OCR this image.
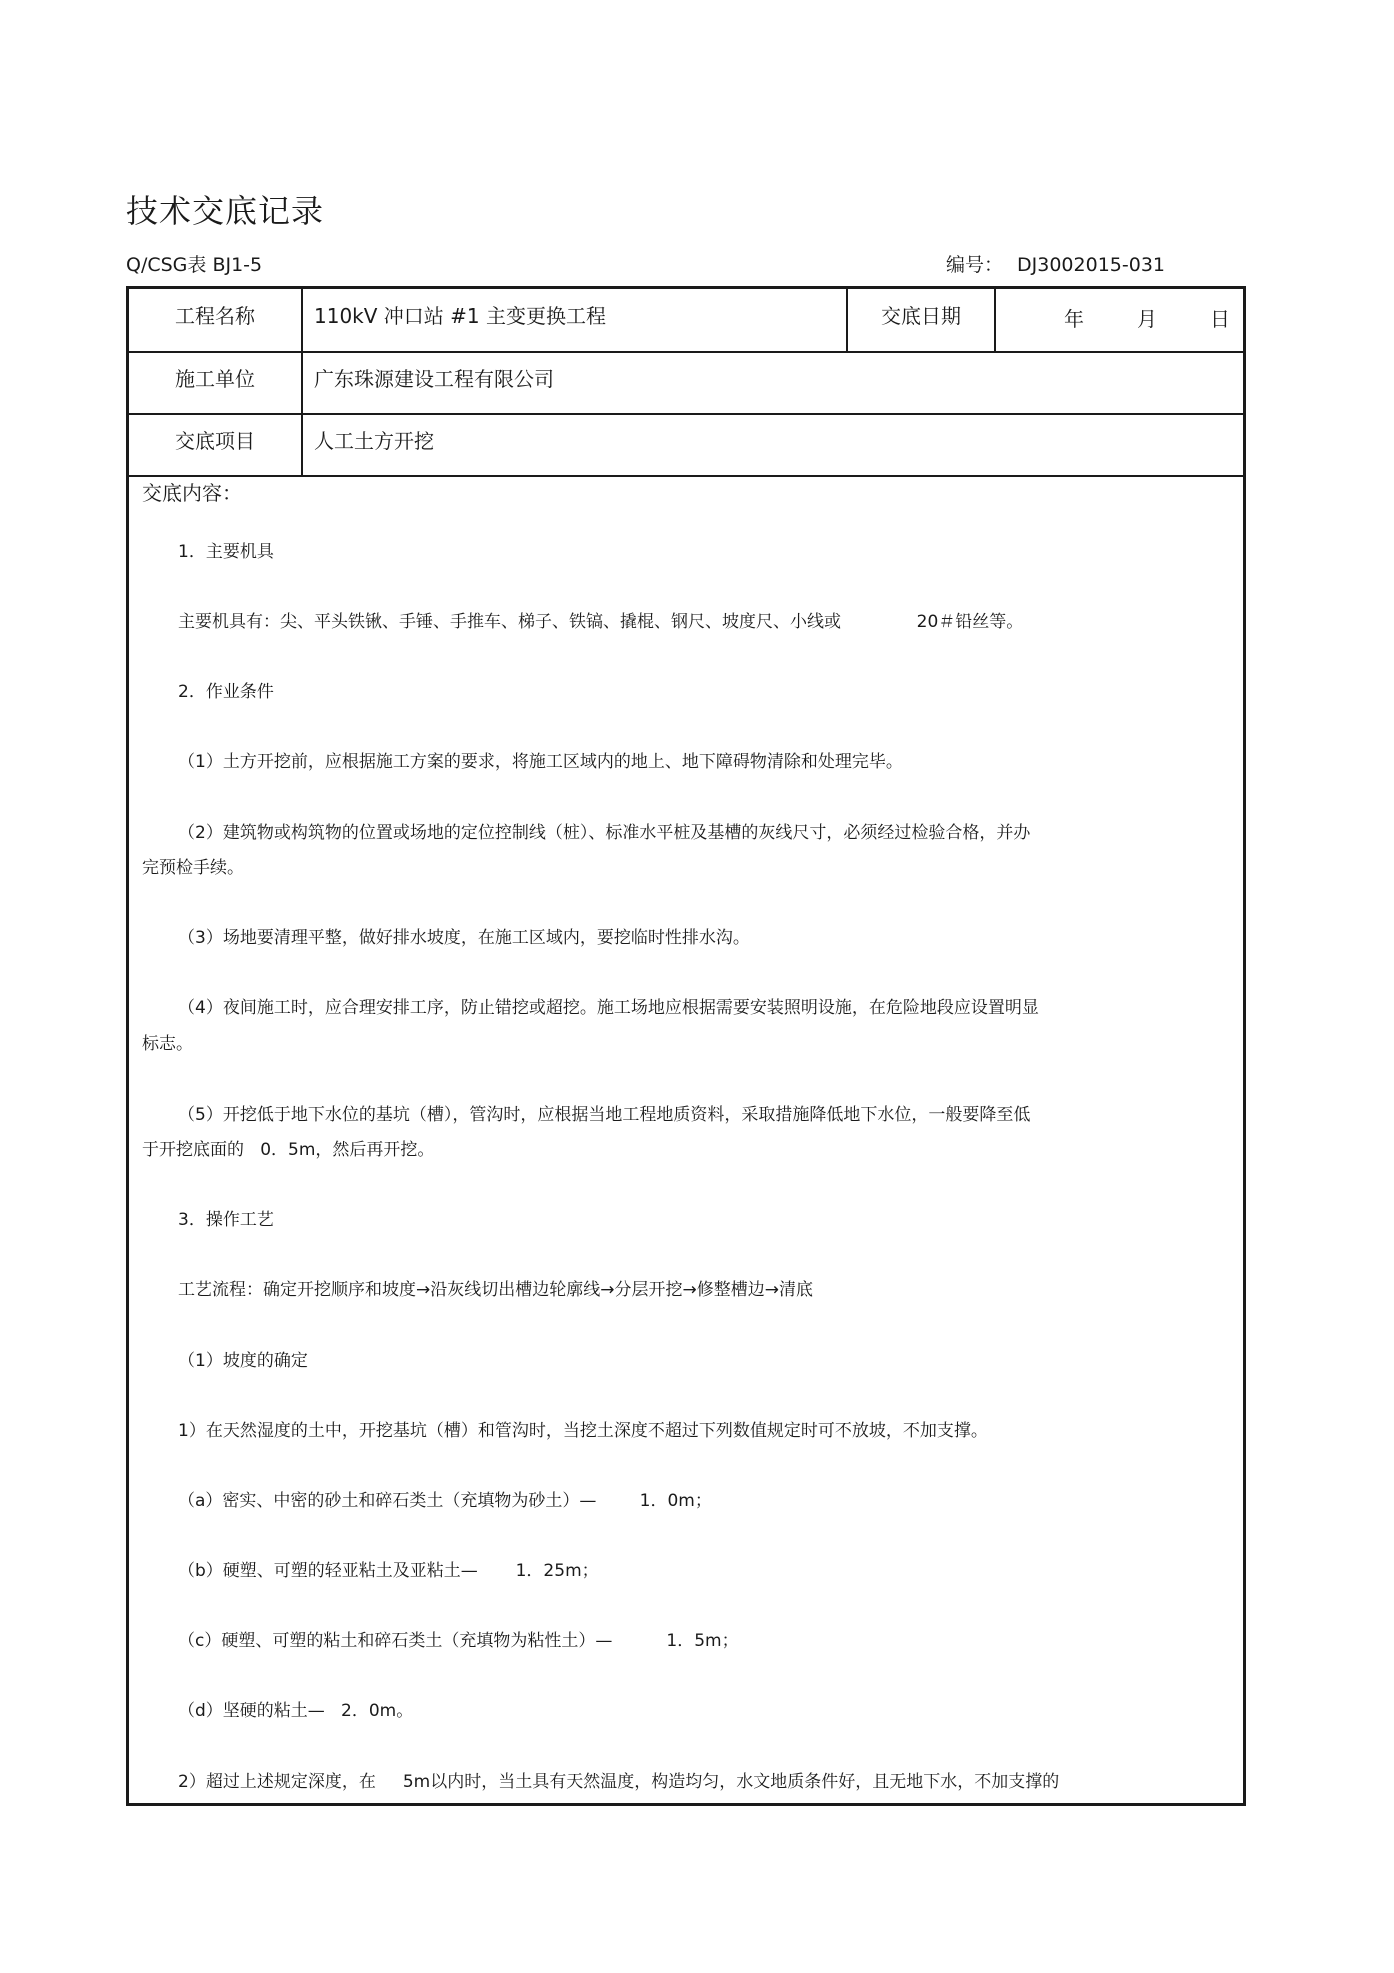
技术交底记录
Q/CSG表 BJ1-5	编号： DJ3002015-031
工程名称	110kV 冲口站 #1 主变更换工程	交底日期	年	月	日
施工单位	广东珠源建设工程有限公司
交底项目	人工土方开挖
交底内容：
1．主要机具
主要机具有：尖、平头铁锹、手锤、手推车、梯子、铁镐、撬棍、钢尺、坡度尺、小线或              20＃铅丝等。
2．作业条件
（1）土方开挖前，应根据施工方案的要求，将施工区域内的地上、地下障碍物清除和处理完毕。
（2）建筑物或构筑物的位置或场地的定位控制线（桩）、标准水平桩及基槽的灰线尺寸，必须经过检验合格，并办
完预检手续。
（3）场地要清理平整，做好排水坡度，在施工区域内，要挖临时性排水沟。
（4）夜间施工时，应合理安排工序，防止错挖或超挖。施工场地应根据需要安装照明设施，在危险地段应设置明显
标志。
（5）开挖低于地下水位的基坑（槽），管沟时，应根据当地工程地质资料，采取措施降低地下水位，一般要降至低
于开挖底面的   0．5m，然后再开挖。
3．操作工艺
工艺流程：确定开挖顺序和坡度→沿灰线切出槽边轮廓线→分层开挖→修整槽边→清底
（1）坡度的确定
1）在天然湿度的土中，开挖基坑（槽）和管沟时，当挖土深度不超过下列数值规定时可不放坡，不加支撑。
（a）密实、中密的砂土和碎石类土（充填物为砂土）—        1．0m；
（b）硬塑、可塑的轻亚粘土及亚粘土—       1．25m；
（c）硬塑、可塑的粘土和碎石类土（充填物为粘性土）—          1．5m；
（d）坚硬的粘土—   2．0m。
2）超过上述规定深度，在     5m以内时，当土具有天然温度，构造均匀，水文地质条件好，且无地下水，不加支撑的
